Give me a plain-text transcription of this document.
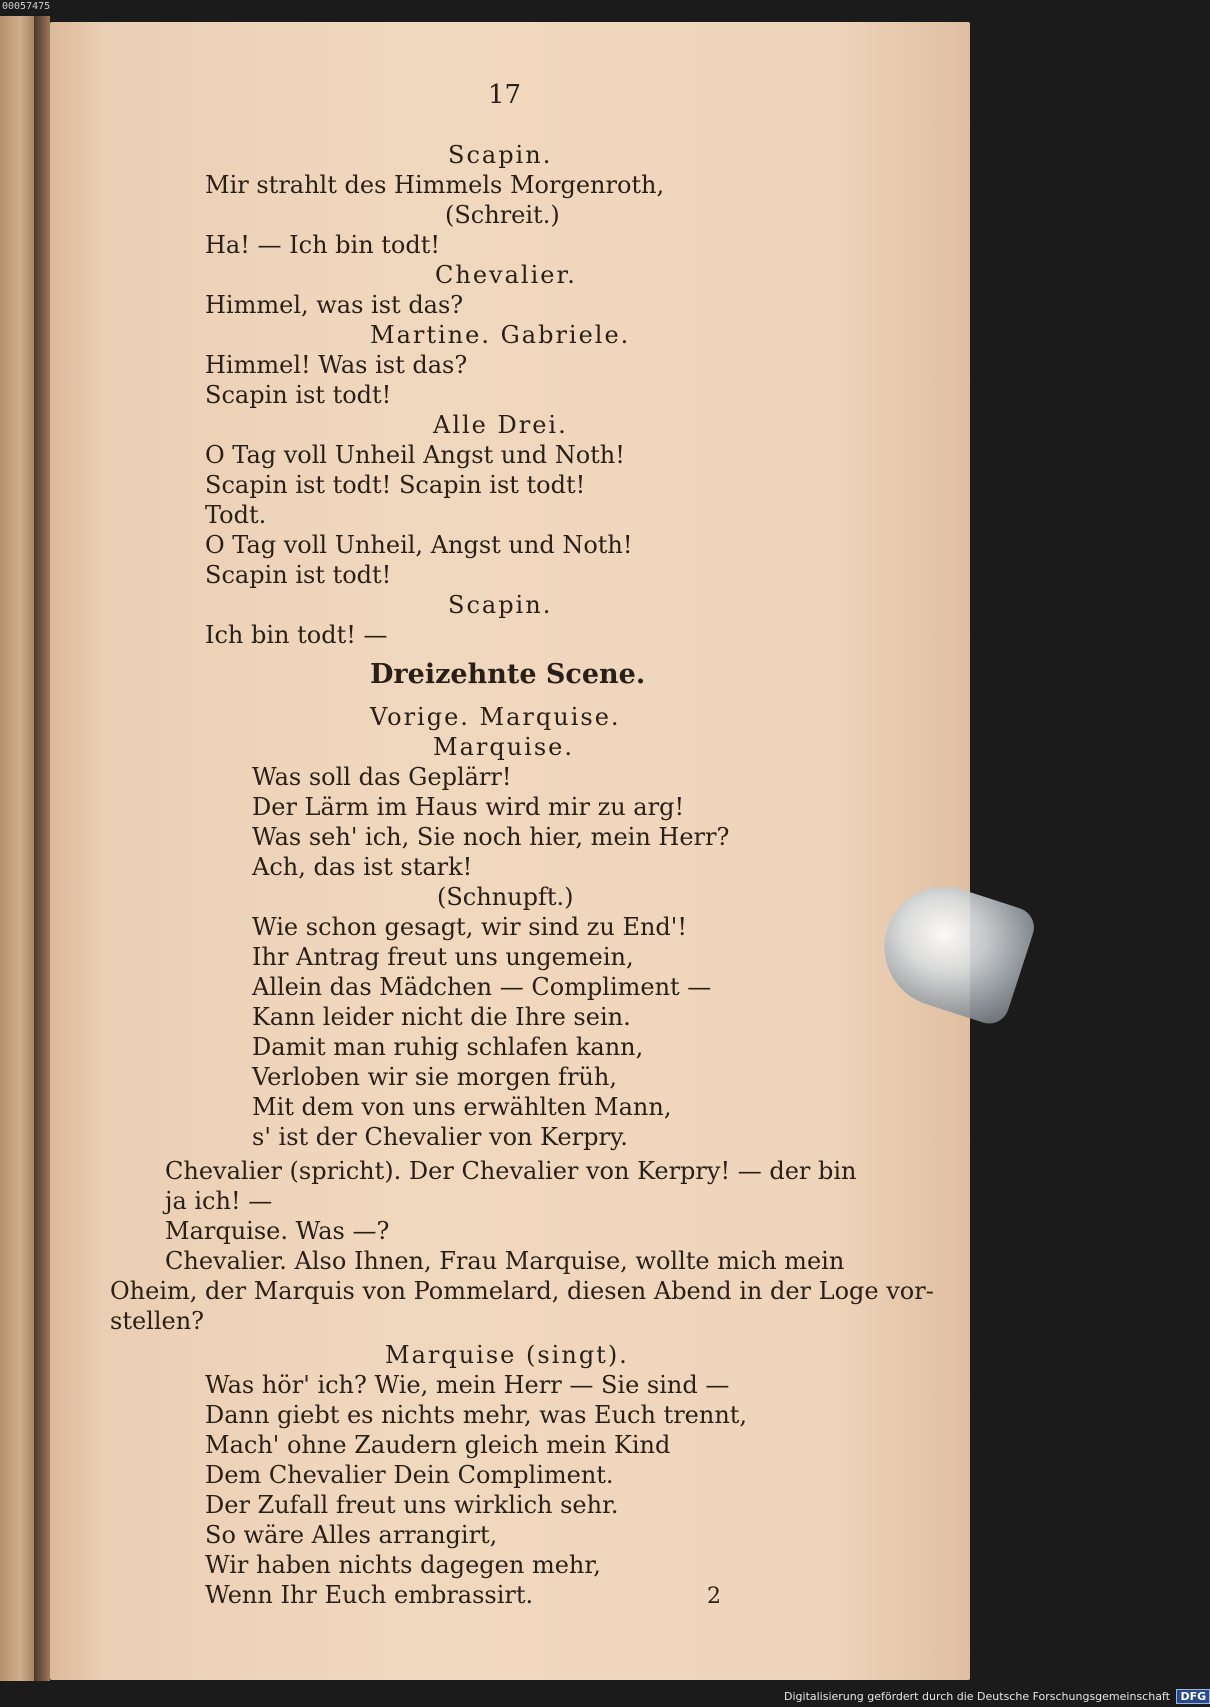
00057475
17
Scapin.
Mir strahlt des Himmels Morgenroth,
(Schreit.)
Ha! — Ich bin todt!
Chevalier.
Himmel, was ist das?
Martine. Gabriele.
Himmel! Was ist das?
Scapin ist todt!
Alle Drei.
O Tag voll Unheil Angst und Noth!
Scapin ist todt! Scapin ist todt!
Todt.
O Tag voll Unheil, Angst und Noth!
Scapin ist todt!
Scapin.
Ich bin todt! —
Dreizehnte Scene.
Vorige. Marquise.
Marquise.
Was soll das Geplärr!
Der Lärm im Haus wird mir zu arg!
Was seh' ich, Sie noch hier, mein Herr?
Ach, das ist stark!
(Schnupft.)
Wie schon gesagt, wir sind zu End'!
Ihr Antrag freut uns ungemein,
Allein das Mädchen — Compliment —
Kann leider nicht die Ihre sein.
Damit man ruhig schlafen kann,
Verloben wir sie morgen früh,
Mit dem von uns erwählten Mann,
s' ist der Chevalier von Kerpry.
Chevalier (spricht). Der Chevalier von Kerpry! — der bin
ja ich! —
Marquise. Was —?
Chevalier. Also Ihnen, Frau Marquise, wollte mich mein
Oheim, der Marquis von Pommelard, diesen Abend in der Loge vor-
stellen?
Marquise (singt).
Was hör' ich? Wie, mein Herr — Sie sind —
Dann giebt es nichts mehr, was Euch trennt,
Mach' ohne Zaudern gleich mein Kind
Dem Chevalier Dein Compliment.
Der Zufall freut uns wirklich sehr.
So wäre Alles arrangirt,
Wir haben nichts dagegen mehr,
Wenn Ihr Euch embrassirt.	2
Digitalisierung gefördert durch die Deutsche Forschungsgemeinschaft DFG
